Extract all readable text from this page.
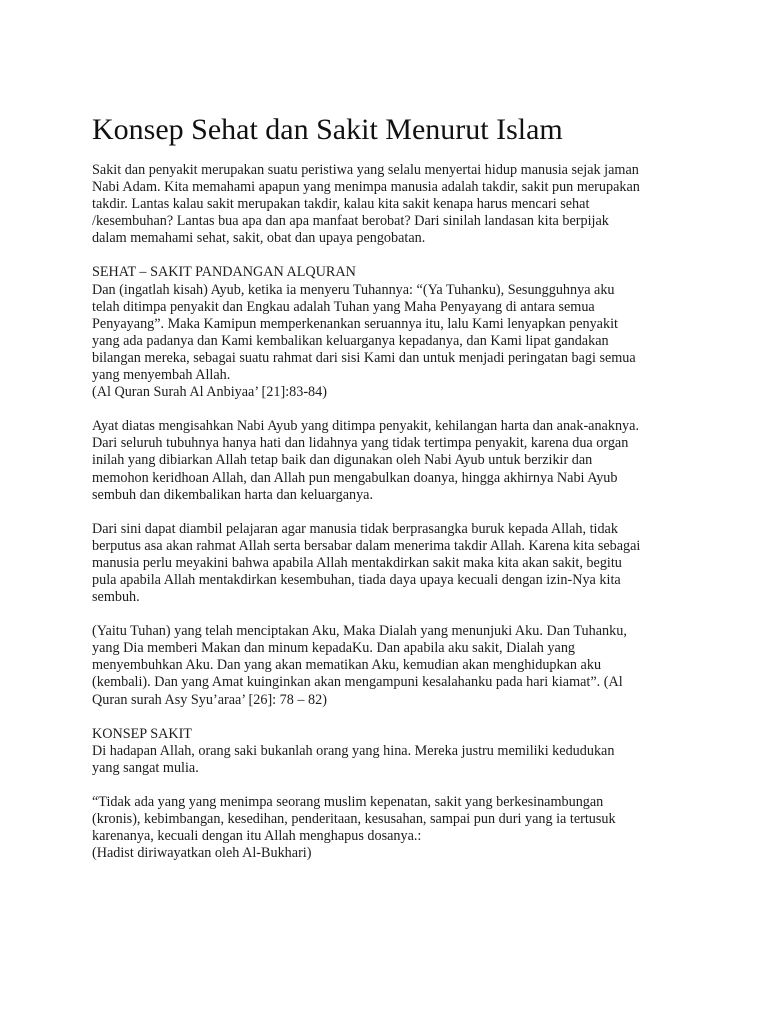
Konsep Sehat dan Sakit Menurut Islam
Sakit dan penyakit merupakan suatu peristiwa yang selalu menyertai hidup manusia sejak jaman
Nabi Adam. Kita memahami apapun yang menimpa manusia adalah takdir, sakit pun merupakan
takdir. Lantas kalau sakit merupakan takdir, kalau kita sakit kenapa harus mencari sehat
/kesembuhan? Lantas bua apa dan apa manfaat berobat? Dari sinilah landasan kita berpijak
dalam memahami sehat, sakit, obat dan upaya pengobatan.
SEHAT – SAKIT PANDANGAN ALQURAN
Dan (ingatlah kisah) Ayub, ketika ia menyeru Tuhannya: “(Ya Tuhanku), Sesungguhnya aku
telah ditimpa penyakit dan Engkau adalah Tuhan yang Maha Penyayang di antara semua
Penyayang”. Maka Kamipun memperkenankan seruannya itu, lalu Kami lenyapkan penyakit
yang ada padanya dan Kami kembalikan keluarganya kepadanya, dan Kami lipat gandakan
bilangan mereka, sebagai suatu rahmat dari sisi Kami dan untuk menjadi peringatan bagi semua
yang menyembah Allah.
(Al Quran Surah Al Anbiyaa’ [21]:83-84)
Ayat diatas mengisahkan Nabi Ayub yang ditimpa penyakit, kehilangan harta dan anak-anaknya.
Dari seluruh tubuhnya hanya hati dan lidahnya yang tidak tertimpa penyakit, karena dua organ
inilah yang dibiarkan Allah tetap baik dan digunakan oleh Nabi Ayub untuk berzikir dan
memohon keridhoan Allah, dan Allah pun mengabulkan doanya, hingga akhirnya Nabi Ayub
sembuh dan dikembalikan harta dan keluarganya.
Dari sini dapat diambil pelajaran agar manusia tidak berprasangka buruk kepada Allah, tidak
berputus asa akan rahmat Allah serta bersabar dalam menerima takdir Allah. Karena kita sebagai
manusia perlu meyakini bahwa apabila Allah mentakdirkan sakit maka kita akan sakit, begitu
pula apabila Allah mentakdirkan kesembuhan, tiada daya upaya kecuali dengan izin-Nya kita
sembuh.
(Yaitu Tuhan) yang telah menciptakan Aku, Maka Dialah yang menunjuki Aku. Dan Tuhanku,
yang Dia memberi Makan dan minum kepadaKu. Dan apabila aku sakit, Dialah yang
menyembuhkan Aku. Dan yang akan mematikan Aku, kemudian akan menghidupkan aku
(kembali). Dan yang Amat kuinginkan akan mengampuni kesalahanku pada hari kiamat”. (Al
Quran surah Asy Syu’araa’ [26]: 78 – 82)
KONSEP SAKIT
Di hadapan Allah, orang saki bukanlah orang yang hina. Mereka justru memiliki kedudukan
yang sangat mulia.
“Tidak ada yang yang menimpa seorang muslim kepenatan, sakit yang berkesinambungan
(kronis), kebimbangan, kesedihan, penderitaan, kesusahan, sampai pun duri yang ia tertusuk
karenanya, kecuali dengan itu Allah menghapus dosanya.:
(Hadist diriwayatkan oleh Al-Bukhari)
